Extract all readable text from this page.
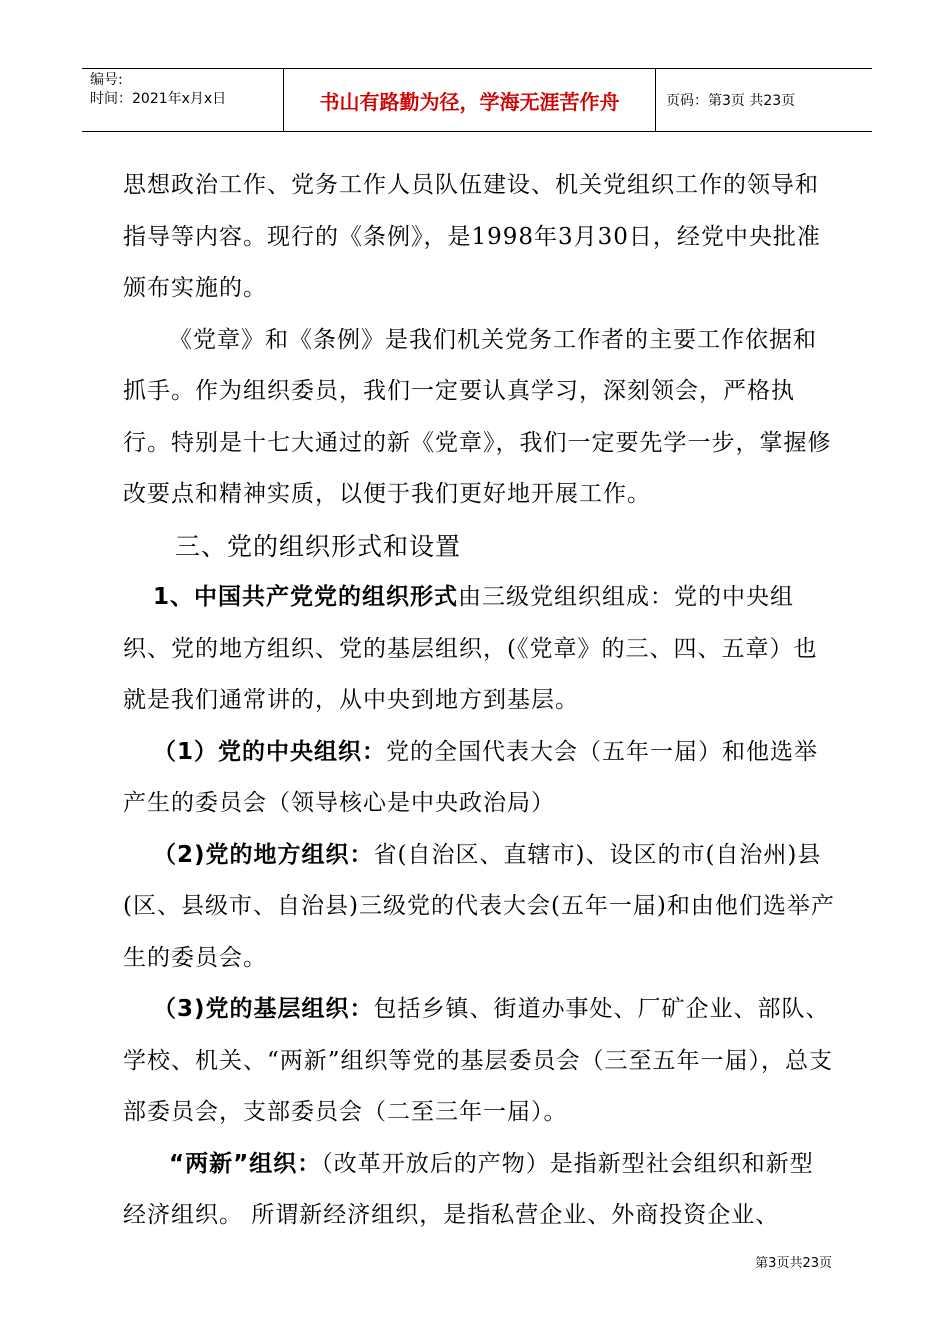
编号:
时间：2021年x月x日	书山有路勤为径，学海无涯苦作舟	页码：第3页 共23页

思想政治工作、党务工作人员队伍建设、机关党组织工作的领导和指导等内容。现行的《条例》，是1998年3月30日，经党中央批准颁布实施的。

《党章》和《条例》是我们机关党务工作者的主要工作依据和抓手。作为组织委员，我们一定要认真学习，深刻领会，严格执行。特别是十七大通过的新《党章》，我们一定要先学一步，掌握修改要点和精神实质，以便于我们更好地开展工作。

三、党的组织形式和设置

1、中国共产党党的组织形式由三级党组织组成：党的中央组织、党的地方组织、党的基层组织，(《党章》的三、四、五章）也就是我们通常讲的，从中央到地方到基层。

（1）党的中央组织：党的全国代表大会（五年一届）和他选举产生的委员会（领导核心是中央政治局）

（2)党的地方组织：省(自治区、直辖市)、设区的市(自治州)县(区、县级市、自治县)三级党的代表大会(五年一届)和由他们选举产生的委员会。

（3)党的基层组织：包括乡镇、街道办事处、厂矿企业、部队、学校、机关、“两新”组织等党的基层委员会（三至五年一届），总支部委员会，支部委员会（二至三年一届）。

“两新”组织：（改革开放后的产物）是指新型社会组织和新型经济组织。 所谓新经济组织，是指私营企业、外商投资企业、

第3页共23页
